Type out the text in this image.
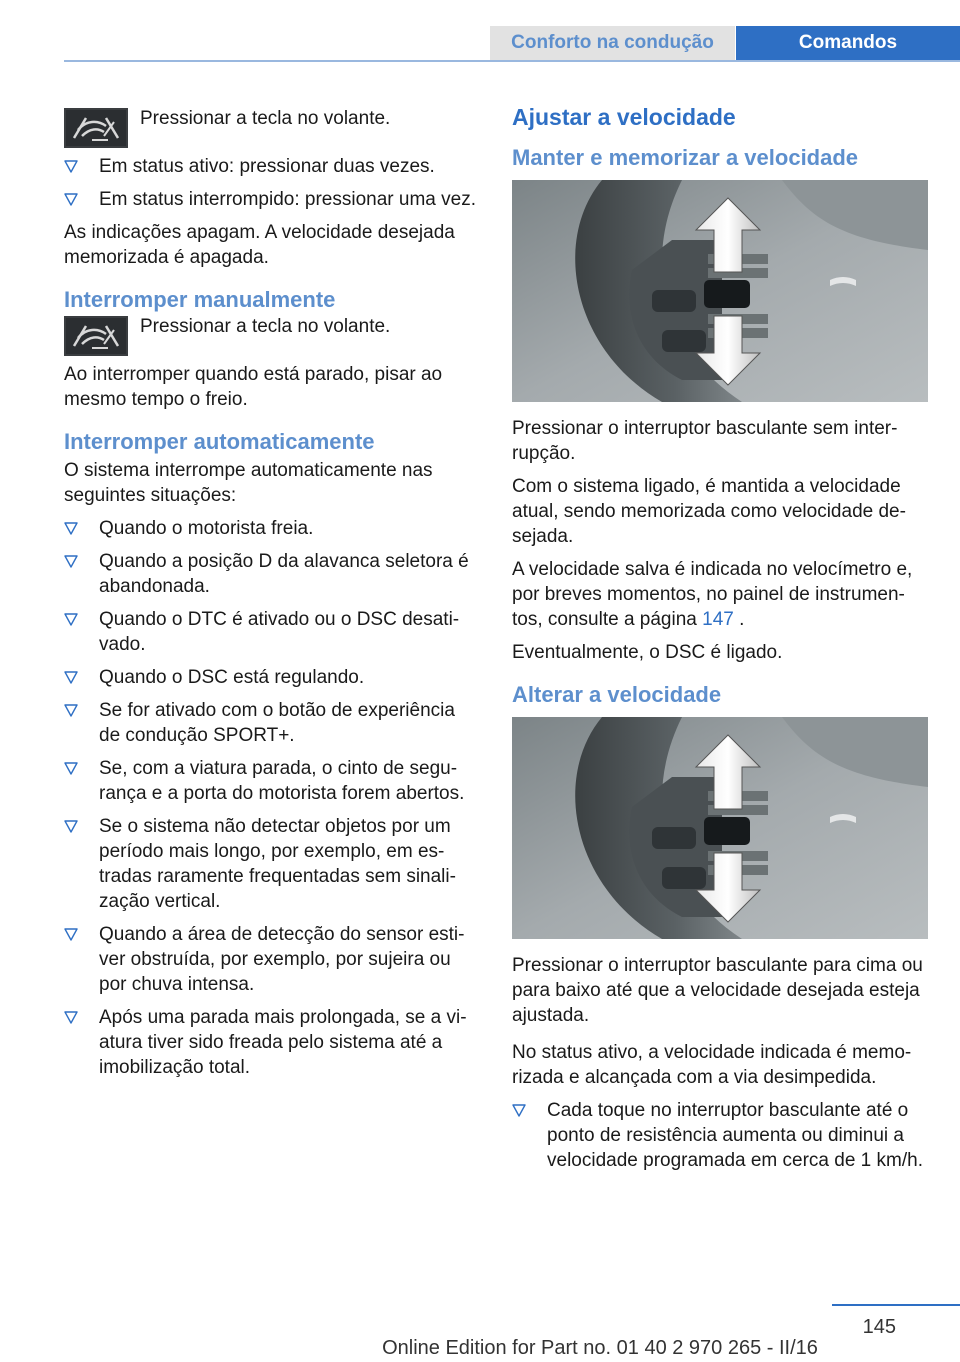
Conforto na condução	Comandos
Pressionar a tecla no volante.
Em status ativo: pressionar duas vezes.
Em status interrompido: pressionar uma vez.

As indicações apagam. A velocidade desejada memorizada é apagada.

Interromper manualmente
Pressionar a tecla no volante.

Ao interromper quando está parado, pisar ao mesmo tempo o freio.

Interromper automaticamente

O sistema interrompe automaticamente nas seguintes situações:

Quando o motorista freia.
Quando a posição D da alavanca seletora é abandonada.
Quando o DTC é ativado ou o DSC desati‐vado.
Quando o DSC está regulando.
Se for ativado com o botão de experiência de condução SPORT+.
Se, com a viatura parada, o cinto de segu‐rança e a porta do motorista forem abertos.
Se o sistema não detectar objetos por um período mais longo, por exemplo, em es‐tradas raramente frequentadas sem sinali‐zação vertical.
Quando a área de detecção do sensor esti‐ver obstruída, por exemplo, por sujeira ou por chuva intensa.
Após uma parada mais prolongada, se a vi‐atura tiver sido freada pelo sistema até a imobilização total.
Ajustar a velocidade
Manter e memorizar a velocidade

Pressionar o interruptor basculante sem inter‐rupção.

Com o sistema ligado, é mantida a velocidade atual, sendo memorizada como velocidade de‐sejada.

A velocidade salva é indicada no velocímetro e, por breves momentos, no painel de instrumen‐tos, consulte a página 147 .

Eventualmente, o DSC é ligado.

Alterar a velocidade

Pressionar o interruptor basculante para cima ou para baixo até que a velocidade desejada esteja ajustada.

No status ativo, a velocidade indicada é memo‐rizada e alcançada com a via desimpedida.

Cada toque no interruptor basculante até o ponto de resistência aumenta ou diminui a velocidade programada em cerca de 1 km/h.
145
Online Edition for Part no. 01 40 2 970 265 - II/16
